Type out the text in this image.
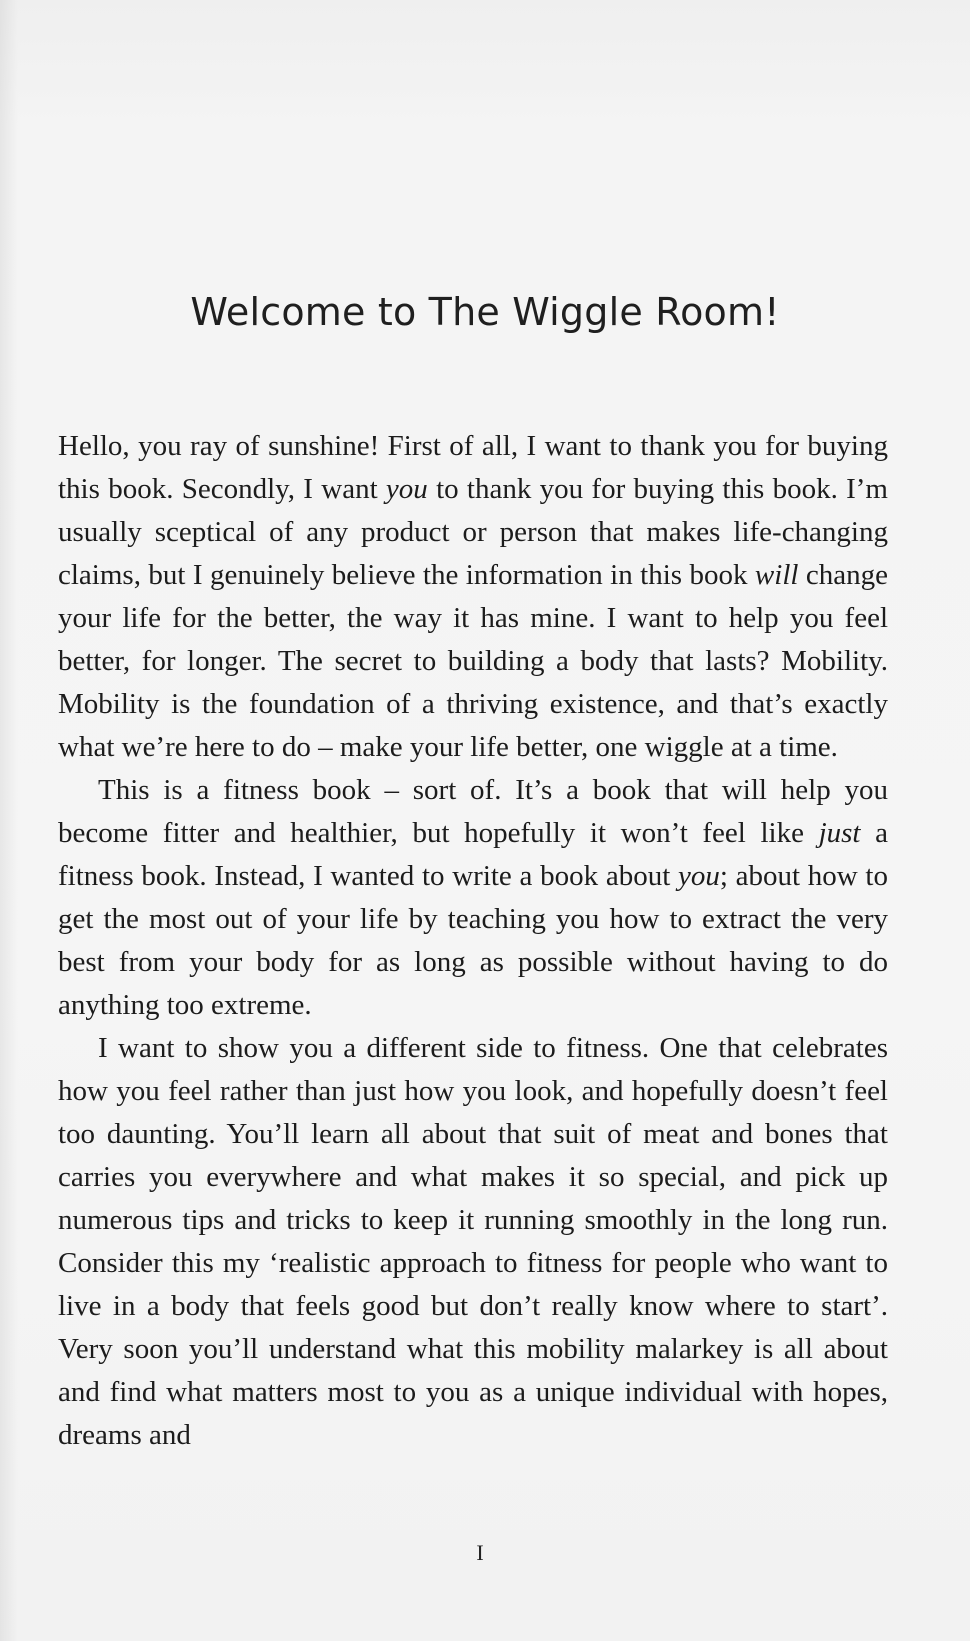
Welcome to The Wiggle Room!

Hello, you ray of sunshine! First of all, I want to thank you for buying this book. Secondly, I want you to thank you for buying this book. I’m usually sceptical of any product or person that makes life-changing claims, but I genuinely believe the information in this book will change your life for the better, the way it has mine. I want to help you feel better, for longer. The secret to building a body that lasts? Mobility. Mobility is the foundation of a thriving existence, and that’s exactly what we’re here to do – make your life better, one wiggle at a time.

This is a fitness book – sort of. It’s a book that will help you become fitter and healthier, but hopefully it won’t feel like just a fitness book. Instead, I wanted to write a book about you; about how to get the most out of your life by teaching you how to extract the very best from your body for as long as possible without having to do anything too extreme.

I want to show you a different side to fitness. One that celebrates how you feel rather than just how you look, and hopefully doesn’t feel too daunting. You’ll learn all about that suit of meat and bones that carries you everywhere and what makes it so special, and pick up numerous tips and tricks to keep it running smoothly in the long run. Consider this my ‘realistic approach to fitness for people who want to live in a body that feels good but don’t really know where to start’. Very soon you’ll understand what this mobility malarkey is all about and find what matters most to you as a unique individual with hopes, dreams and

I
